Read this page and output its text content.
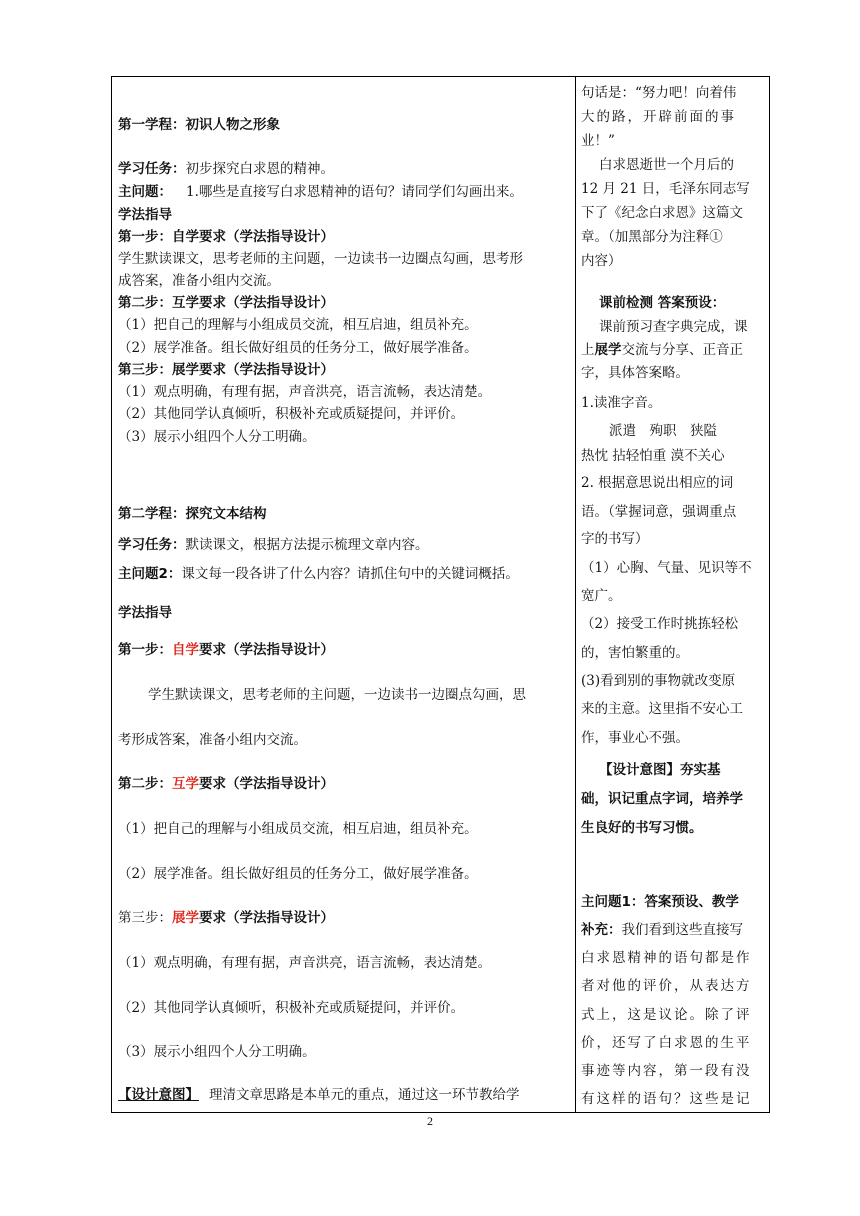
第一学程：初识人物之形象
学习任务：初步探究白求恩的精神。
主问题： 1.哪些是直接写白求恩精神的语句？请同学们勾画出来。
学法指导
第一步：自学要求（学法指导设计）
学生默读课文，思考老师的主问题，一边读书一边圈点勾画，思考形
成答案，准备小组内交流。
第二步：互学要求（学法指导设计）
（1）把自己的理解与小组成员交流，相互启迪，组员补充。
（2）展学准备。组长做好组员的任务分工，做好展学准备。
第三步：展学要求（学法指导设计）
（1）观点明确，有理有据，声音洪亮，语言流畅，表达清楚。
（2）其他同学认真倾听，积极补充或质疑提问，并评价。
（3）展示小组四个人分工明确。
第二学程：探究文本结构
学习任务：默读课文，根据方法提示梳理文章内容。
主问题2：课文每一段各讲了什么内容？请抓住句中的关键词概括。
学法指导
第一步：自学要求（学法指导设计）
学生默读课文，思考老师的主问题，一边读书一边圈点勾画，思
考形成答案，准备小组内交流。
第二步：互学要求（学法指导设计）
（1）把自己的理解与小组成员交流，相互启迪，组员补充。
（2）展学准备。组长做好组员的任务分工，做好展学准备。
第三步：展学要求（学法指导设计）
（1）观点明确，有理有据，声音洪亮，语言流畅，表达清楚。
（2）其他同学认真倾听，积极补充或质疑提问，并评价。
（3）展示小组四个人分工明确。
【设计意图】 理清文章思路是本单元的重点，通过这一环节教给学
句话是：“努力吧！向着伟
大的路，开辟前面的事
业！”
白求恩逝世一个月后的
12 月 21 日，毛泽东同志写
下了《纪念白求恩》这篇文
章。（加黑部分为注释①
内容）
课前检测 答案预设：
课前预习查字典完成，课
上展学交流与分享、正音正
字，具体答案略。
1.读准字音。
派遣　殉职　狭隘
热忱 拈轻怕重 漠不关心
2. 根据意思说出相应的词
语。（掌握词意，强调重点
字的书写）
（1）心胸、气量、见识等不
宽广。
（2）接受工作时挑拣轻松
的，害怕繁重的。
(3)看到别的事物就改变原
来的主意。这里指不安心工
作，事业心不强。
【设计意图】夯实基
础，识记重点字词，培养学
生良好的书写习惯。
主问题1：答案预设、教学
补充：我们看到这些直接写
白求恩精神的语句都是作
者对他的评价，从表达方
式上，这是议论。除了评
价，还写了白求恩的生平
事迹等内容，第一段有没
有这样的语句？这些是记
2
